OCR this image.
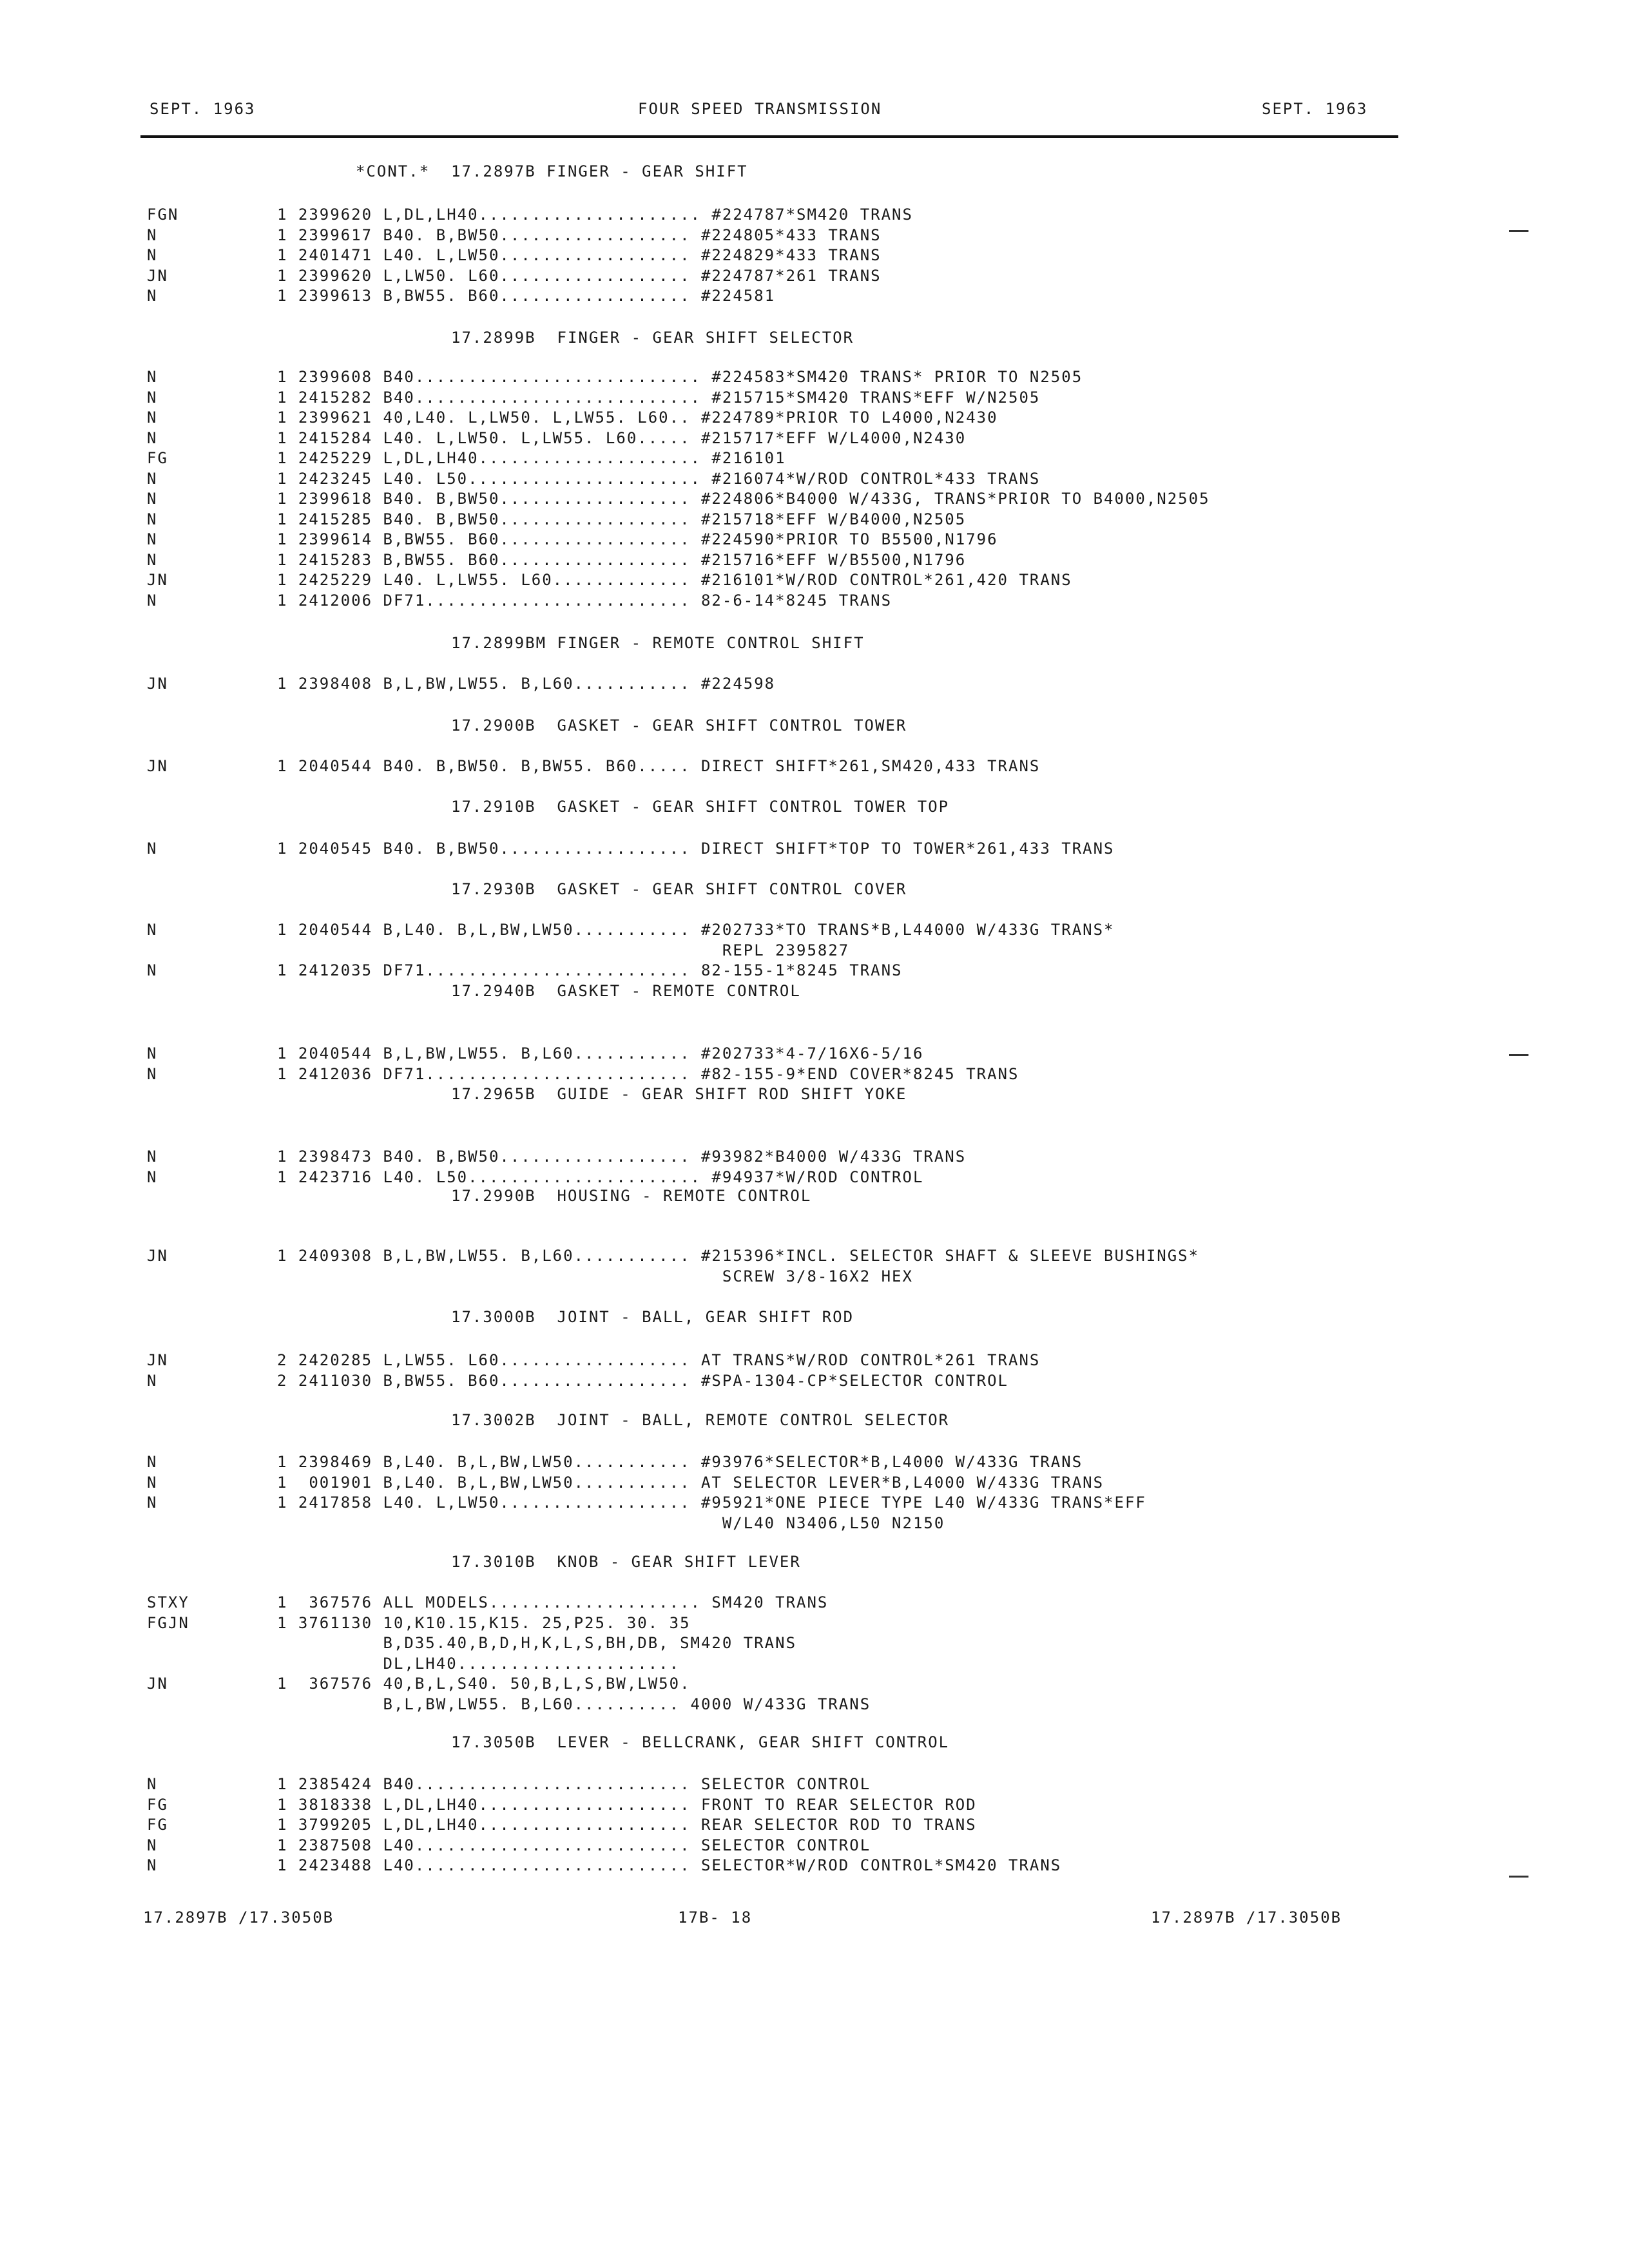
SEPT. 1963	FOUR SPEED TRANSMISSION	SEPT. 1963
*CONT.*  17.2897B FINGER - GEAR SHIFT
FGN	1 2399620 L,DL,LH40..................... #224787*SM420 TRANS
N	1 2399617 B40. B,BW50.................. #224805*433 TRANS
N	1 2401471 L40. L,LW50.................. #224829*433 TRANS
JN	1 2399620 L,LW50. L60.................. #224787*261 TRANS
N	1 2399613 B,BW55. B60.................. #224581
17.2899B  FINGER - GEAR SHIFT SELECTOR
N	1 2399608 B40........................... #224583*SM420 TRANS* PRIOR TO N2505
N	1 2415282 B40........................... #215715*SM420 TRANS*EFF W/N2505
N	1 2399621 40,L40. L,LW50. L,LW55. L60.. #224789*PRIOR TO L4000,N2430
N	1 2415284 L40. L,LW50. L,LW55. L60..... #215717*EFF W/L4000,N2430
FG	1 2425229 L,DL,LH40..................... #216101
N	1 2423245 L40. L50...................... #216074*W/ROD CONTROL*433 TRANS
N	1 2399618 B40. B,BW50.................. #224806*B4000 W/433G, TRANS*PRIOR TO B4000,N2505
N	1 2415285 B40. B,BW50.................. #215718*EFF W/B4000,N2505
N	1 2399614 B,BW55. B60.................. #224590*PRIOR TO B5500,N1796
N	1 2415283 B,BW55. B60.................. #215716*EFF W/B5500,N1796
JN	1 2425229 L40. L,LW55. L60............. #216101*W/ROD CONTROL*261,420 TRANS
N	1 2412006 DF71......................... 82-6-14*8245 TRANS
17.2899BM FINGER - REMOTE CONTROL SHIFT
JN	1 2398408 B,L,BW,LW55. B,L60........... #224598
17.2900B  GASKET - GEAR SHIFT CONTROL TOWER
JN	1 2040544 B40. B,BW50. B,BW55. B60..... DIRECT SHIFT*261,SM420,433 TRANS
17.2910B  GASKET - GEAR SHIFT CONTROL TOWER TOP
N	1 2040545 B40. B,BW50.................. DIRECT SHIFT*TOP TO TOWER*261,433 TRANS
17.2930B  GASKET - GEAR SHIFT CONTROL COVER
N	1 2040544 B,L40. B,L,BW,LW50........... #202733*TO TRANS*B,L44000 W/433G TRANS*
REPL 2395827
N	1 2412035 DF71......................... 82-155-1*8245 TRANS
17.2940B  GASKET - REMOTE CONTROL
N	1 2040544 B,L,BW,LW55. B,L60........... #202733*4-7/16X6-5/16
N	1 2412036 DF71......................... #82-155-9*END COVER*8245 TRANS
17.2965B  GUIDE - GEAR SHIFT ROD SHIFT YOKE
N	1 2398473 B40. B,BW50.................. #93982*B4000 W/433G TRANS
N	1 2423716 L40. L50...................... #94937*W/ROD CONTROL
17.2990B  HOUSING - REMOTE CONTROL
JN	1 2409308 B,L,BW,LW55. B,L60........... #215396*INCL. SELECTOR SHAFT & SLEEVE BUSHINGS*
SCREW 3/8-16X2 HEX
17.3000B  JOINT - BALL, GEAR SHIFT ROD
JN	2 2420285 L,LW55. L60.................. AT TRANS*W/ROD CONTROL*261 TRANS
N	2 2411030 B,BW55. B60.................. #SPA-1304-CP*SELECTOR CONTROL
17.3002B  JOINT - BALL, REMOTE CONTROL SELECTOR
N	1 2398469 B,L40. B,L,BW,LW50........... #93976*SELECTOR*B,L4000 W/433G TRANS
N	1  001901 B,L40. B,L,BW,LW50........... AT SELECTOR LEVER*B,L4000 W/433G TRANS
N	1 2417858 L40. L,LW50.................. #95921*ONE PIECE TYPE L40 W/433G TRANS*EFF
W/L40 N3406,L50 N2150
17.3010B  KNOB - GEAR SHIFT LEVER
STXY	1  367576 ALL MODELS.................... SM420 TRANS
FGJN	1 3761130 10,K10.15,K15. 25,P25. 30. 35
B,D35.40,B,D,H,K,L,S,BH,DB, SM420 TRANS
DL,LH40.....................
JN	1  367576 40,B,L,S40. 50,B,L,S,BW,LW50.
B,L,BW,LW55. B,L60.......... 4000 W/433G TRANS
17.3050B  LEVER - BELLCRANK, GEAR SHIFT CONTROL
N	1 2385424 B40.......................... SELECTOR CONTROL
FG	1 3818338 L,DL,LH40.................... FRONT TO REAR SELECTOR ROD
FG	1 3799205 L,DL,LH40.................... REAR SELECTOR ROD TO TRANS
N	1 2387508 L40.......................... SELECTOR CONTROL
N	1 2423488 L40.......................... SELECTOR*W/ROD CONTROL*SM420 TRANS
17.2897B /17.3050B	17B- 18	17.2897B /17.3050B
